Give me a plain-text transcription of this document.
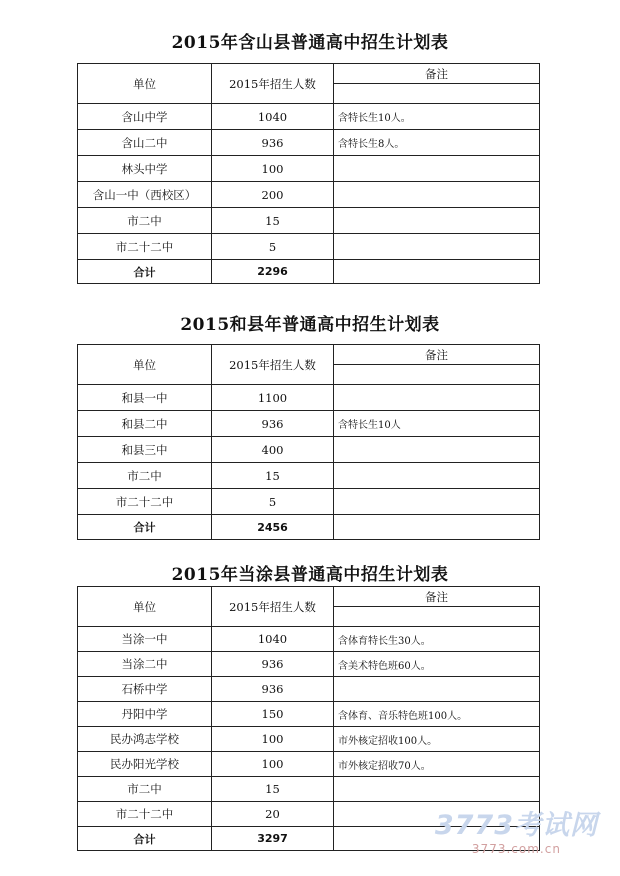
2015年含山县普通高中招生计划表
单位	2015年招生人数	备注

含山中学	1040	含特长生10人。
含山二中	936	含特长生8人。
林头中学	100	
含山一中（西校区）	200	
市二中	15	
市二十二中	5	
合计	2296	
2015和县年普通高中招生计划表
单位	2015年招生人数	备注

和县一中	1100	
和县二中	936	含特长生10人
和县三中	400	
市二中	15	
市二十二中	5	
合计	2456	
2015年当涂县普通高中招生计划表
单位	2015年招生人数	备注

当涂一中	1040	含体育特长生30人。
当涂二中	936	含美术特色班60人。
石桥中学	936	
丹阳中学	150	含体育、音乐特色班100人。
民办鸿志学校	100	市外核定招收100人。
民办阳光学校	100	市外核定招收70人。
市二中	15	
市二十二中	20	
合计	3297		3773考试网
3773.com.cn
